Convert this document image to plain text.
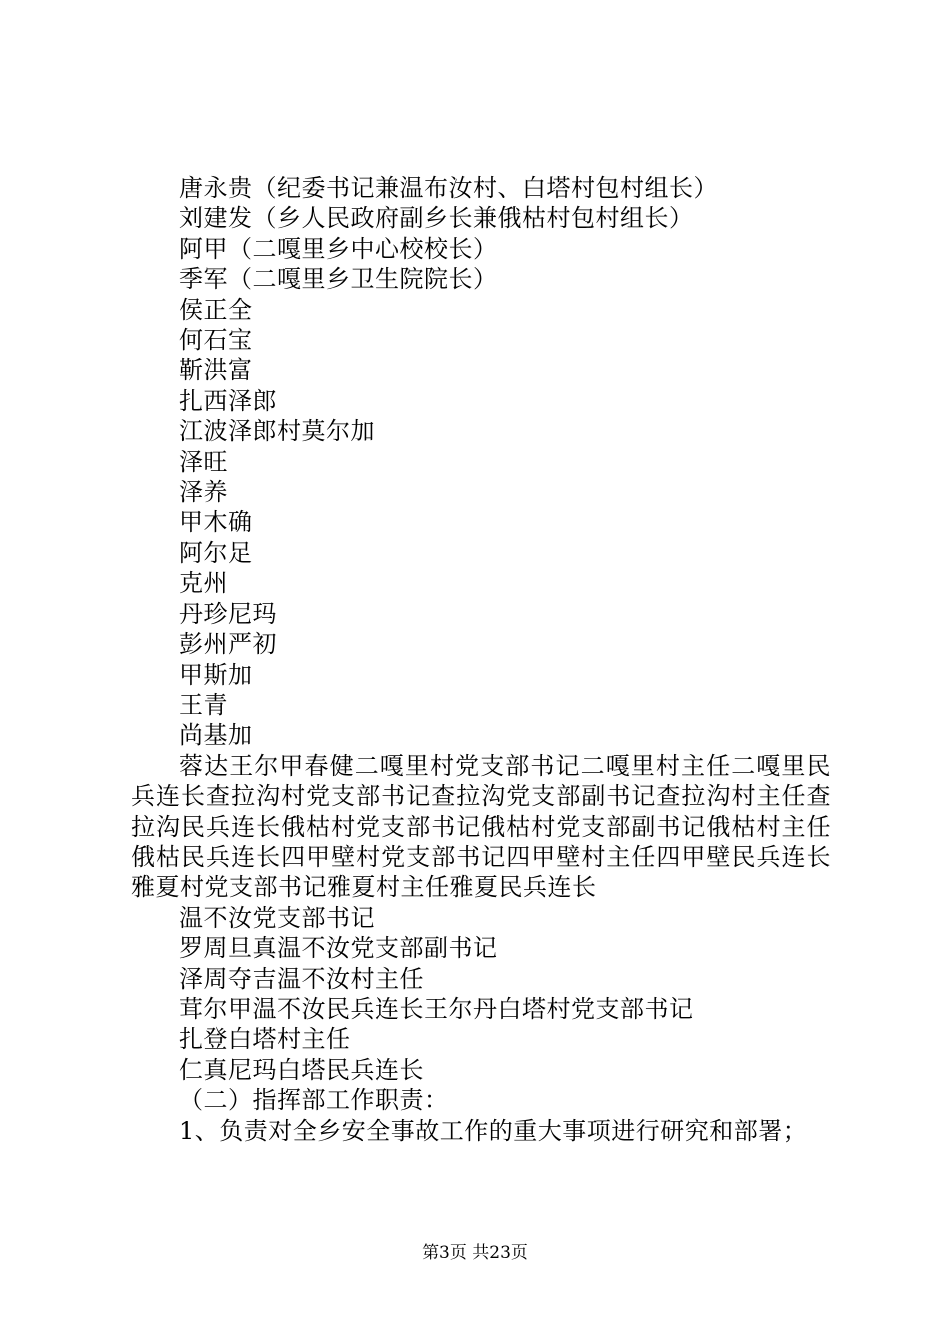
唐永贵（纪委书记兼温布汝村、白塔村包村组长）
刘建发（乡人民政府副乡长兼俄枯村包村组长）
阿甲（二嘎里乡中心校校长）
季军（二嘎里乡卫生院院长）
侯正全
何石宝
靳洪富
扎西泽郎
江波泽郎村莫尔加
泽旺
泽养
甲木确
阿尔足
克州
丹珍尼玛
彭州严初
甲斯加
王青
尚基加
蓉达王尔甲春健二嘎里村党支部书记二嘎里村主任二嘎里民兵连长查拉沟村党支部书记查拉沟党支部副书记查拉沟村主任查拉沟民兵连长俄枯村党支部书记俄枯村党支部副书记俄枯村主任俄枯民兵连长四甲壁村党支部书记四甲壁村主任四甲壁民兵连长雅夏村党支部书记雅夏村主任雅夏民兵连长
温不汝党支部书记
罗周旦真温不汝党支部副书记
泽周夺吉温不汝村主任
茸尔甲温不汝民兵连长王尔丹白塔村党支部书记
扎登白塔村主任
仁真尼玛白塔民兵连长
（二）指挥部工作职责：
1、负责对全乡安全事故工作的重大事项进行研究和部署；
第3页 共23页
